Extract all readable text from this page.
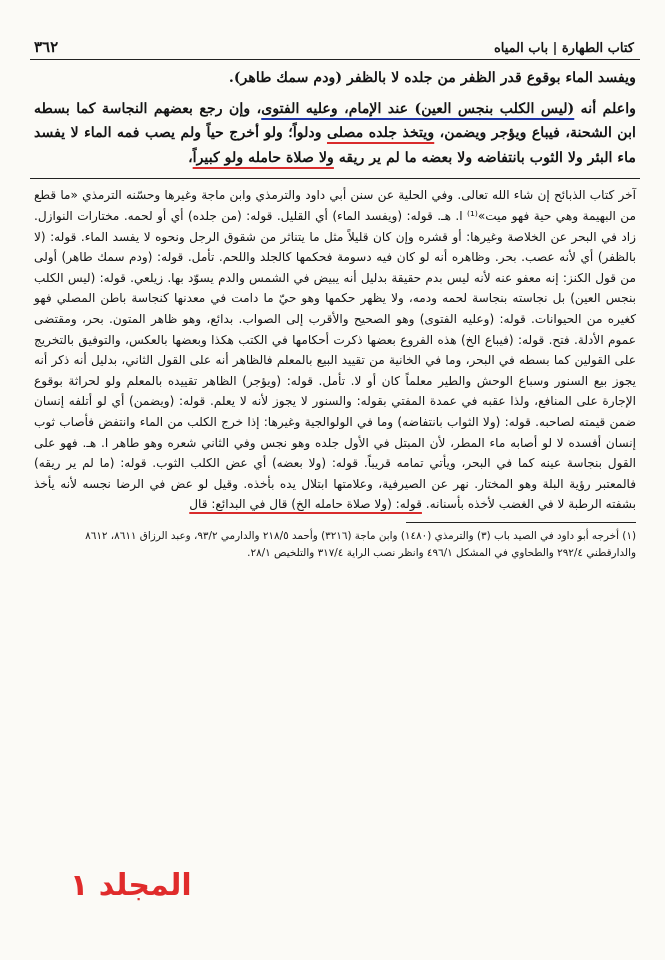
كتاب الطهارة | باب المياه
٣٦٢

ويفسد الماء بوقوع قدر الظفر من جلده لا بالظفر (ودم سمك طاهر).

واعلم أنه (ليس الكلب بنجس العين) عند الإمام، وعليه الفتوى، وإن رجع بعضهم النجاسة كما بسطه ابن الشحنة، فيباع ويؤجر ويضمن، ويتخذ جلده مصلى ودلواً؛ ولو أخرج حياً ولم يصب فمه الماء لا يفسد ماء البئر ولا الثوب بانتفاضه ولا بعضه ما لم ير ريقه ولا صلاة حامله ولو كبيراً،

آخر كتاب الذبائح إن شاء الله تعالى. وفي الحلية عن سنن أبي داود والترمذي وابن ماجة وغيرها وحسّنه الترمذي «ما قطع من البهيمة وهي حية فهو ميت»⁽¹⁾ ا. هـ. قوله: (ويفسد الماء) أي القليل. قوله: (من جلده) أي أو لحمه. مختارات النوازل. زاد في البحر عن الخلاصة وغيرها: أو قشره وإن كان قليلاً مثل ما يتناثر من شقوق الرجل ونحوه لا يفسد الماء. قوله: (لا بالظفر) أي لأنه عصب. بحر. وظاهره أنه لو كان فيه دسومة فحكمها كالجلد واللحم. تأمل. قوله: (ودم سمك طاهر) أولى من قول الكنز: إنه معفو عنه لأنه ليس بدم حقيقة بدليل أنه يبيض في الشمس والدم يسوّد بها. زيلعي. قوله: (ليس الكلب بنجس العين) بل نجاسته بنجاسة لحمه ودمه، ولا يظهر حكمها وهو حيّ ما دامت في معدنها كنجاسة باطن المصلي فهو كغيره من الحيوانات. قوله: (وعليه الفتوى) وهو الصحيح والأقرب إلى الصواب. بدائع، وهو ظاهر المتون. بحر، ومقتضى عموم الأدلة. فتح. قوله: (فيباع الخ) هذه الفروع بعضها ذكرت أحكامها في الكتب هكذا وبعضها بالعكس، والتوفيق بالتخريج على القولين كما بسطه في البحر، وما في الخانية من تقييد البيع بالمعلم فالظاهر أنه على القول الثاني، بدليل أنه ذكر أنه يجوز بيع السنور وسباع الوحش والطير معلماً كان أو لا. تأمل. قوله: (ويؤجر) الظاهر تقييده بالمعلم ولو لحراثة بوقوع الإجارة على المنافع، ولذا عقبه في عمدة المفتي بقوله: والسنور لا يجوز لأنه لا يعلم. قوله: (ويضمن) أي لو أتلفه إنسان ضمن قيمته لصاحبه. قوله: (ولا الثواب بانتفاضه) وما في الولوالجية وغيرها: إذا خرج الكلب من الماء وانتفض فأصاب ثوب إنسان أفسده لا لو أصابه ماء المطر، لأن المبتل في الأول جلده وهو نجس وفي الثاني شعره وهو طاهر ا. هـ. فهو على القول بنجاسة عينه كما في البحر، ويأتي تمامه قريباً. قوله: (ولا بعضه) أي عض الكلب الثوب. قوله: (ما لم ير ريقه) فالمعتبر رؤية البلة وهو المختار. نهر عن الصيرفية، وعلامتها ابتلال يده بأخذه. وقيل لو عض في الرضا نجسه لأنه يأخذ بشفته الرطبة لا في الغضب لأخذه بأسنانه. قوله: (ولا صلاة حامله الخ) قال في البدائع: قال
(١) أخرجه أبو داود في الصيد باب (٣) والترمذي (١٤٨٠) وابن ماجة (٣٢١٦) وأحمد ٢١٨/٥ والدارمي ٩٣/٢، وعبد الرزاق ٨٦١١، ٨٦١٢ والدارقطني ٢٩٢/٤ والطحاوي في المشكل ٤٩٦/١ وانظر نصب الراية ٣١٧/٤ والتلخيص ٢٨/١.
المجلد ١
